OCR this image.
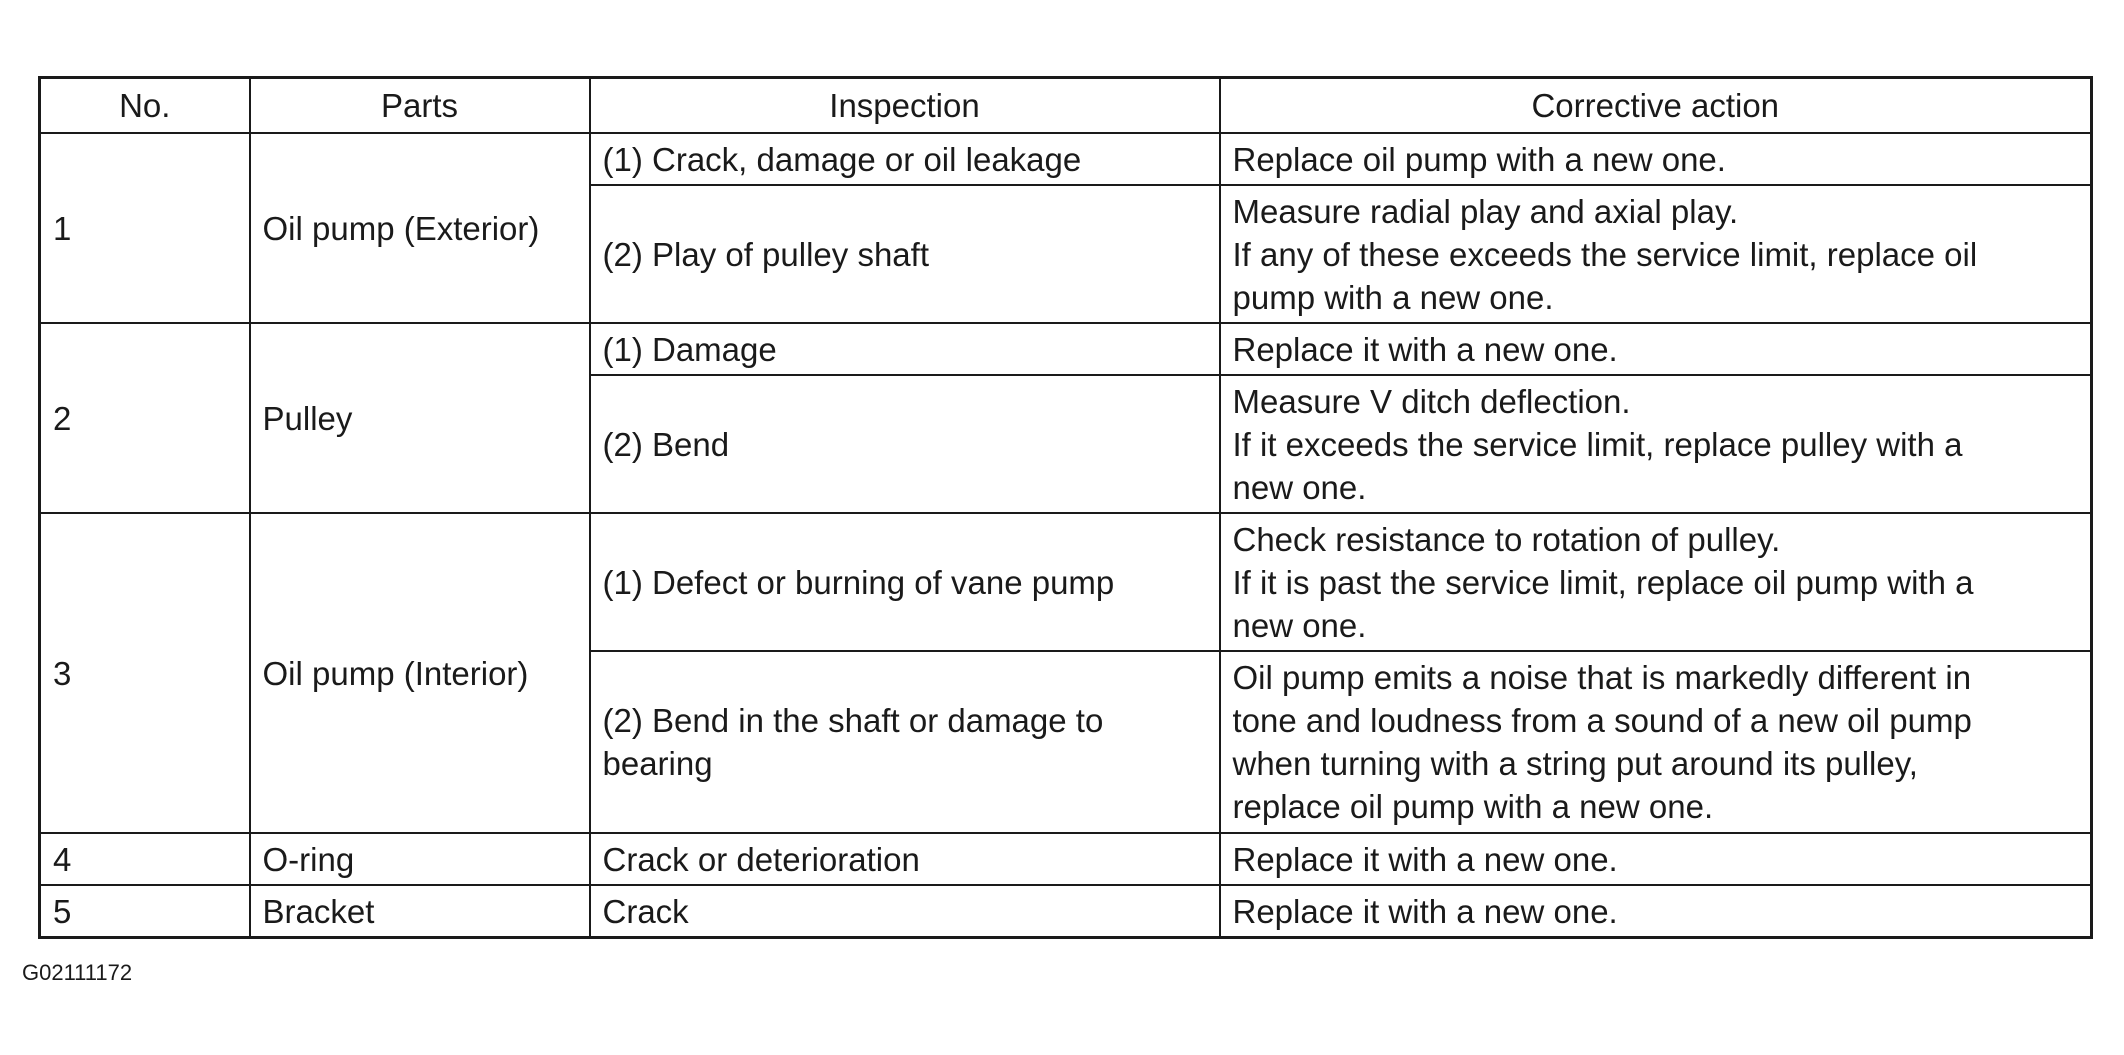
No.	Parts	Inspection	Corrective action
1	Oil pump (Exterior)	(1) Crack, damage or oil leakage	Replace oil pump with a new one.

		(2) Play of pulley shaft	Measure radial play and axial play.
If any of these exceeds the service limit, replace oil
pump with a new one.

2	Pulley	(1) Damage	Replace it with a new one.

		(2) Bend	Measure V ditch deflection.
If it exceeds the service limit, replace pulley with a
new one.

3	Oil pump (Interior)	(1) Defect or burning of vane pump	Check resistance to rotation of pulley.
If it is past the service limit, replace oil pump with a
new one.

		(2) Bend in the shaft or damage to
bearing	Oil pump emits a noise that is markedly different in
tone and loudness from a sound of a new oil pump
when turning with a string put around its pulley,
replace oil pump with a new one.

4	O-ring	Crack or deterioration	Replace it with a new one.

5	Bracket	Crack	Replace it with a new one.
G02111172
